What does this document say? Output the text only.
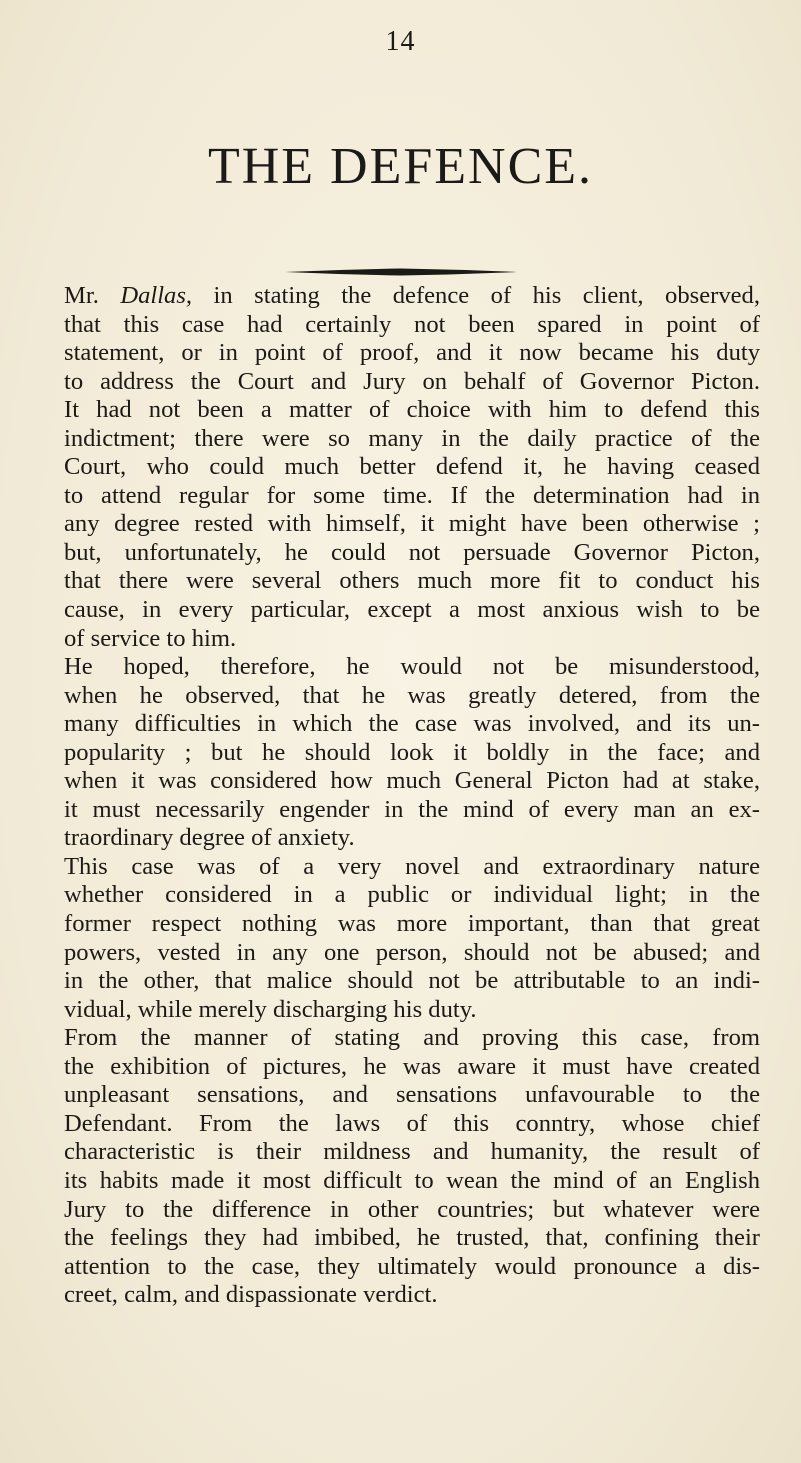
14
THE DEFENCE.

Mr. Dallas, in stating the defence of his client, observed,
that this case had certainly not been spared in point of
statement, or in point of proof, and it now became his duty
to address the Court and Jury on behalf of Governor Picton.
It had not been a matter of choice with him to defend this
indictment; there were so many in the daily practice of the
Court, who could much better defend it, he having ceased
to attend regular for some time. If the determination had in
any degree rested with himself, it might have been otherwise ;
but, unfortunately, he could not persuade Governor Picton,
that there were several others much more fit to conduct his
cause, in every particular, except a most anxious wish to be
of service to him.

He hoped, therefore, he would not be misunderstood,
when he observed, that he was greatly detered, from the
many difficulties in which the case was involved, and its un-
popularity ; but he should look it boldly in the face; and
when it was considered how much General Picton had at stake,
it must necessarily engender in the mind of every man an ex-
traordinary degree of anxiety.

This case was of a very novel and extraordinary nature
whether considered in a public or individual light; in the
former respect nothing was more important, than that great
powers, vested in any one person, should not be abused; and
in the other, that malice should not be attributable to an indi-
vidual, while merely discharging his duty.

From the manner of stating and proving this case, from
the exhibition of pictures, he was aware it must have created
unpleasant sensations, and sensations unfavourable to the
Defendant. From the laws of this conntry, whose chief
characteristic is their mildness and humanity, the result of
its habits made it most difficult to wean the mind of an English
Jury to the difference in other countries; but whatever were
the feelings they had imbibed, he trusted, that, confining their
attention to the case, they ultimately would pronounce a dis-
creet, calm, and dispassionate verdict.
